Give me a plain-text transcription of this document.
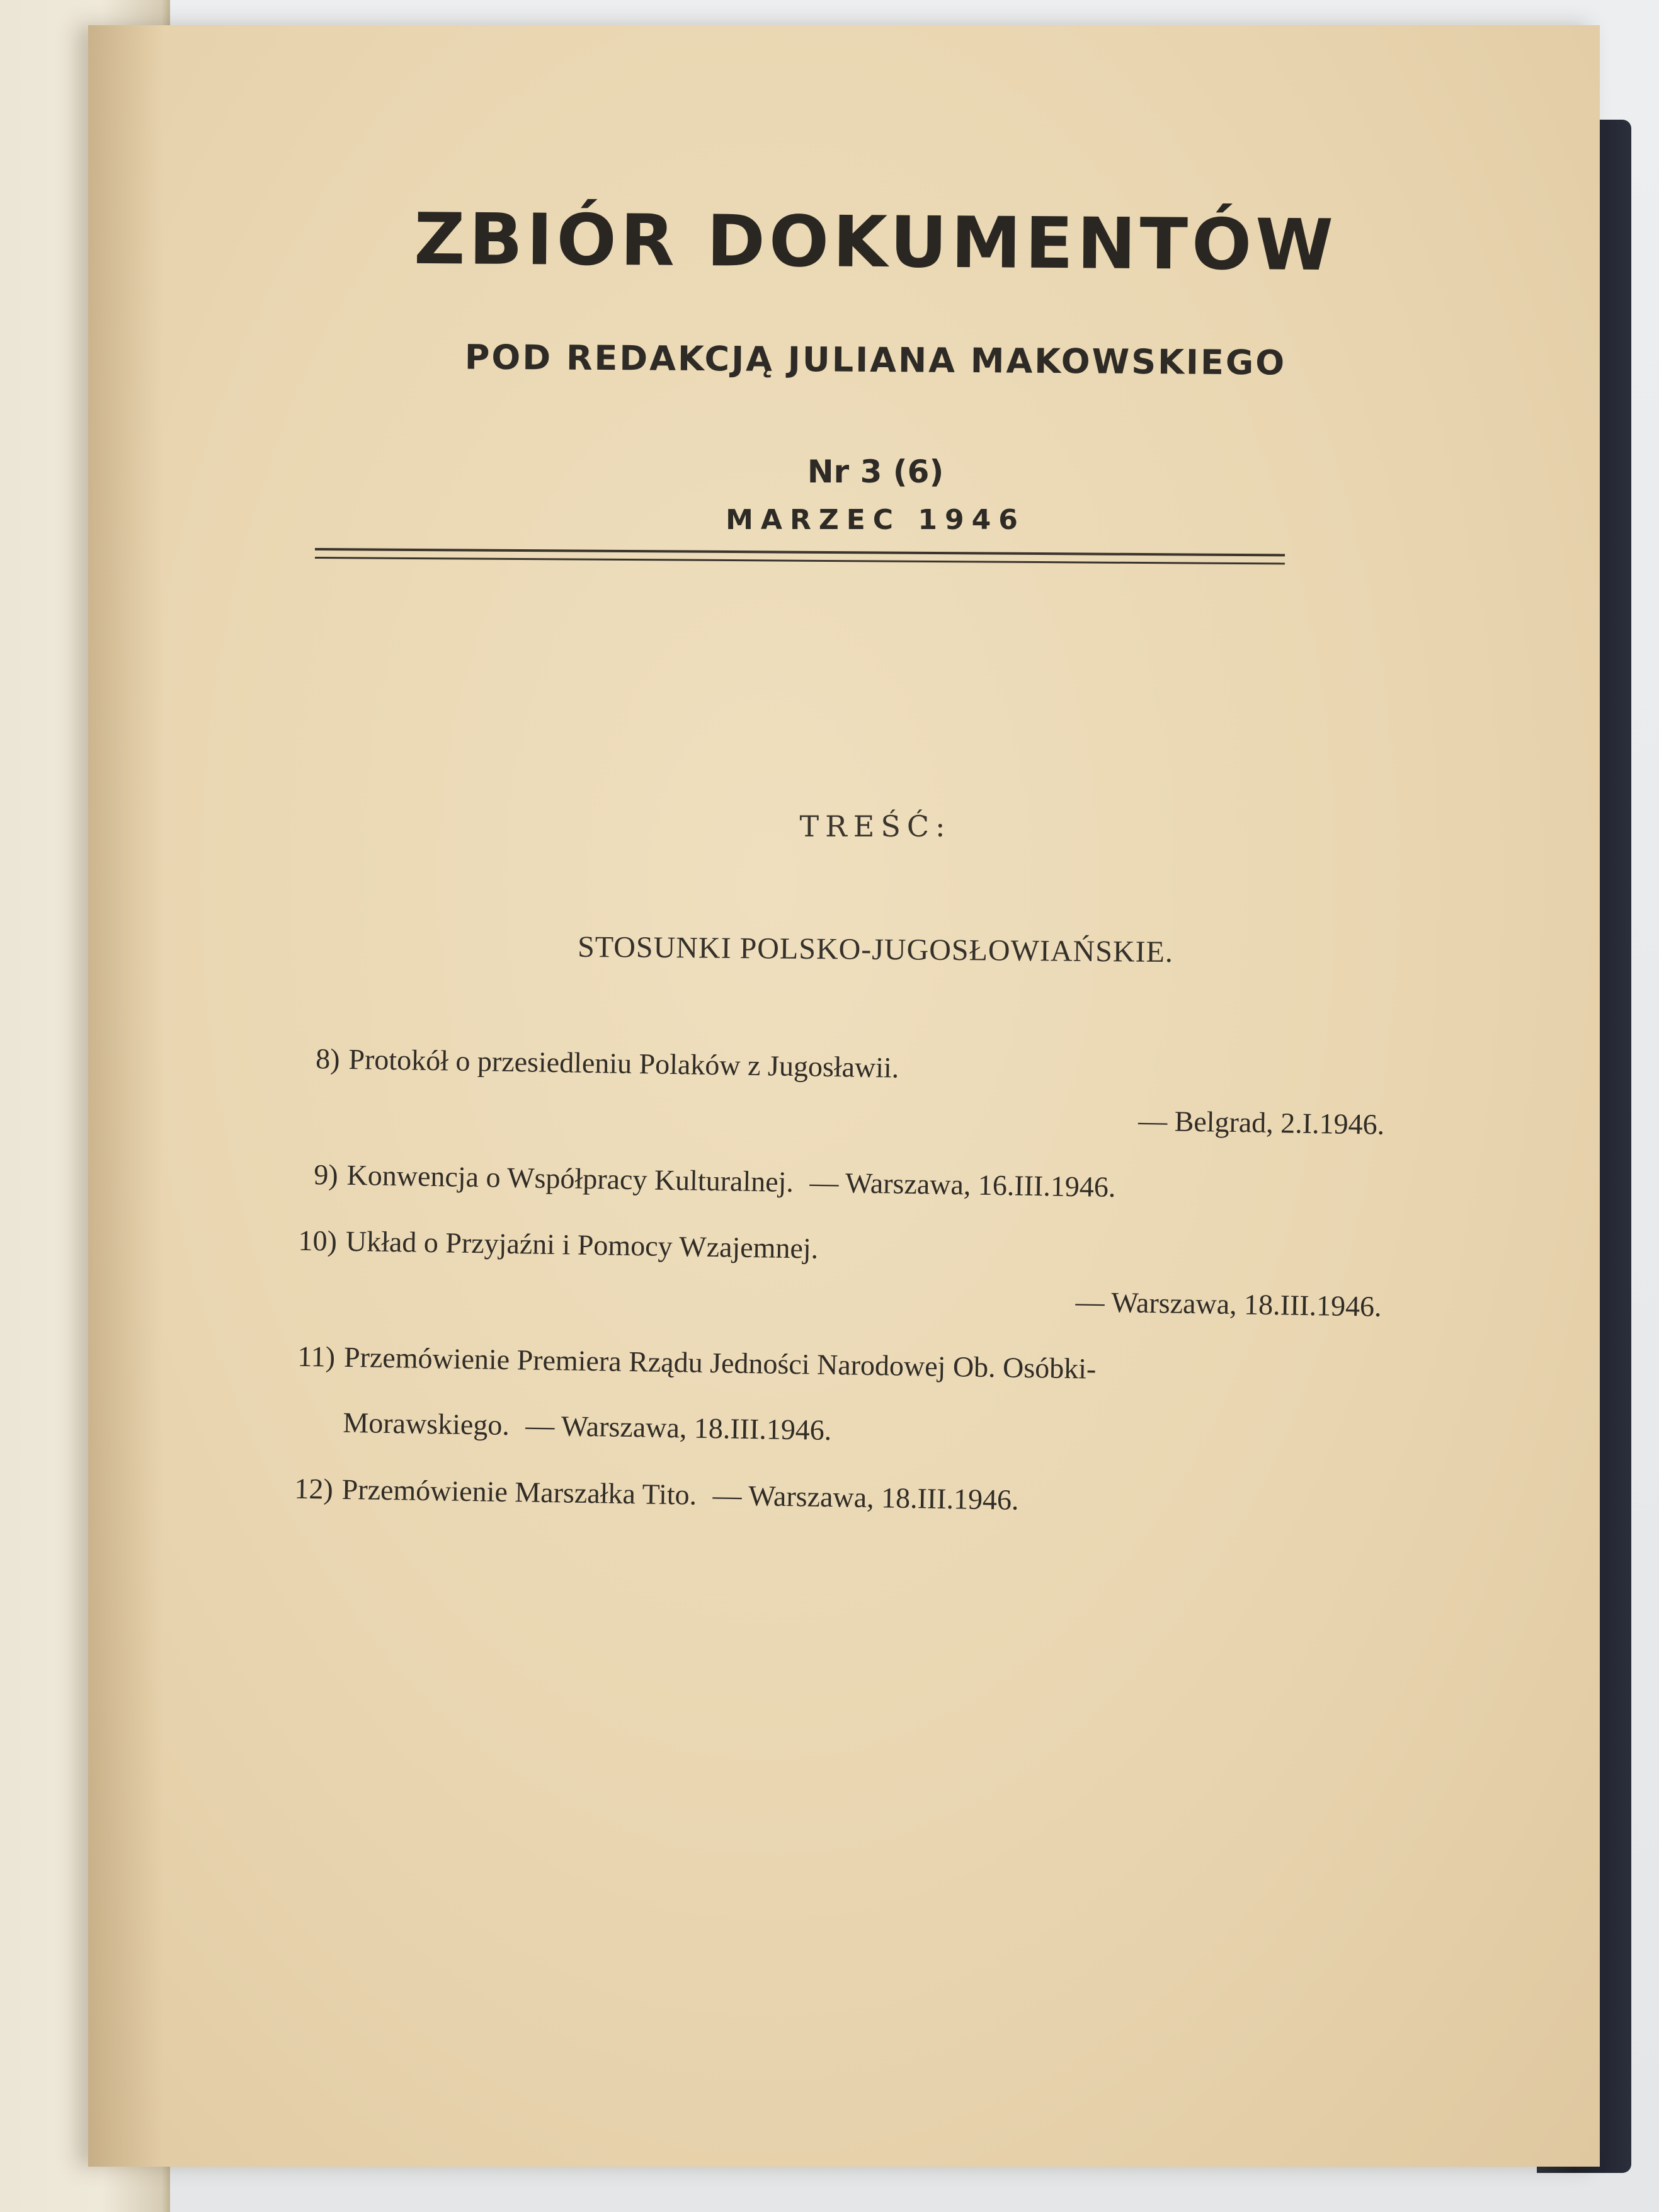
ZBIÓR DOKUMENTÓW
POD REDAKCJĄ JULIANA MAKOWSKIEGO
Nr 3 (6)
MARZEC 1946
TREŚĆ:
STOSUNKI POLSKO-JUGOSŁOWIAŃSKIE.
8) Protokół o przesiedleniu Polaków z Jugosławii.
— Belgrad, 2.I.1946.
9) Konwencja o Współpracy Kulturalnej. — Warszawa, 16.III.1946.
10) Układ o Przyjaźni i Pomocy Wzajemnej.
— Warszawa, 18.III.1946.
11) Przemówienie Premiera Rządu Jedności Narodowej Ob. Osóbki-
Morawskiego. — Warszawa, 18.III.1946.
12) Przemówienie Marszałka Tito. — Warszawa, 18.III.1946.
